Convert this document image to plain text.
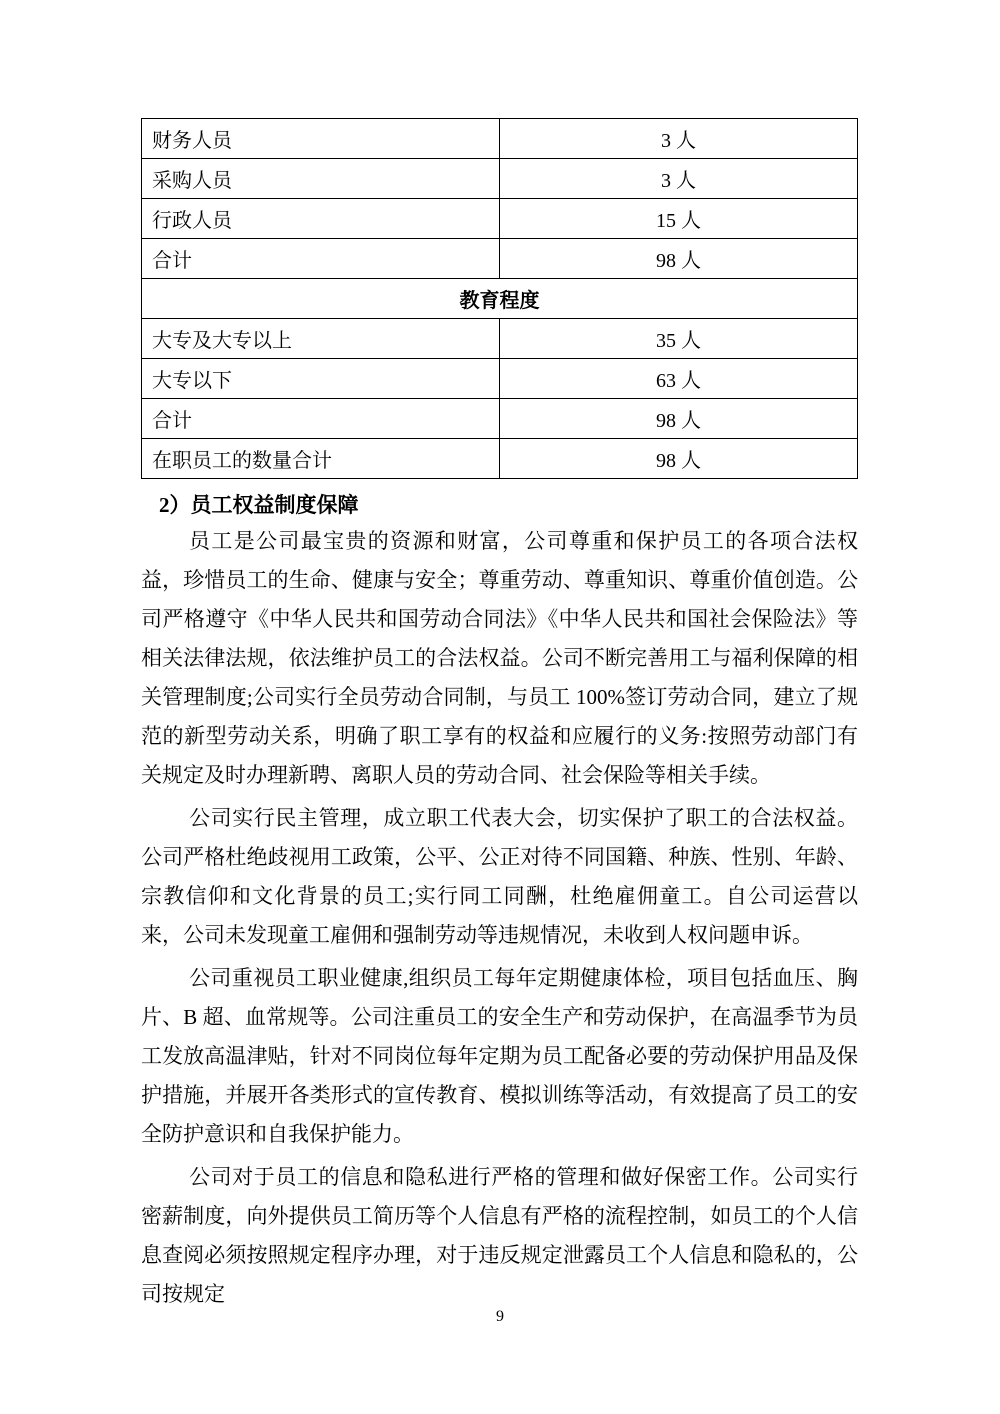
财务人员	3 人
采购人员	3 人
行政人员	15 人
合计	98 人
教育程度	
大专及大专以上	35 人
大专以下	63 人
合计	98 人
在职员工的数量合计	98 人
2）员工权益制度保障

员工是公司最宝贵的资源和财富，公司尊重和保护员工的各项合法权益，珍惜员工的生命、健康与安全；尊重劳动、尊重知识、尊重价值创造。公司严格遵守《中华人民共和国劳动合同法》《中华人民共和国社会保险法》等相关法律法规，依法维护员工的合法权益。公司不断完善用工与福利保障的相关管理制度;公司实行全员劳动合同制，与员工 100%签订劳动合同，建立了规范的新型劳动关系，明确了职工享有的权益和应履行的义务:按照劳动部门有关规定及时办理新聘、离职人员的劳动合同、社会保险等相关手续。

公司实行民主管理，成立职工代表大会，切实保护了职工的合法权益。公司严格杜绝歧视用工政策，公平、公正对待不同国籍、种族、性别、年龄、宗教信仰和文化背景的员工;实行同工同酬，杜绝雇佣童工。自公司运营以来，公司未发现童工雇佣和强制劳动等违规情况，未收到人权问题申诉。

公司重视员工职业健康,组织员工每年定期健康体检，项目包括血压、胸片、B 超、血常规等。公司注重员工的安全生产和劳动保护，在高温季节为员工发放高温津贴，针对不同岗位每年定期为员工配备必要的劳动保护用品及保护措施，并展开各类形式的宣传教育、模拟训练等活动，有效提高了员工的安全防护意识和自我保护能力。

公司对于员工的信息和隐私进行严格的管理和做好保密工作。公司实行密薪制度，向外提供员工简历等个人信息有严格的流程控制，如员工的个人信息查阅必须按照规定程序办理，对于违反规定泄露员工个人信息和隐私的，公司按规定

9
